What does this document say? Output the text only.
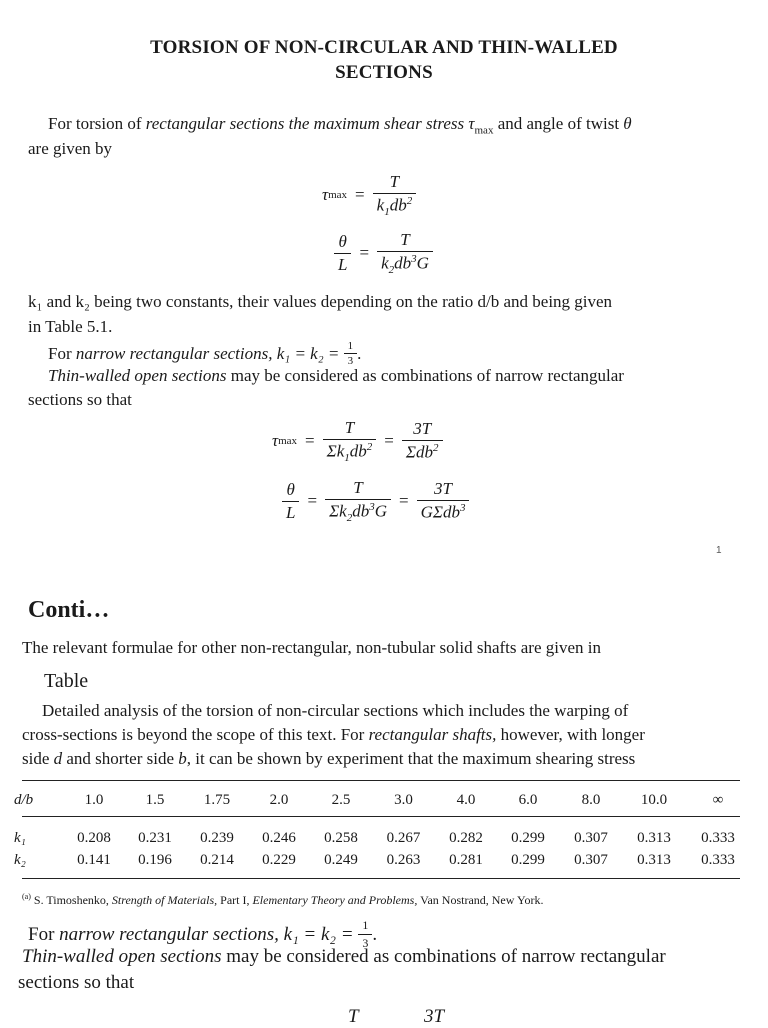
TORSION OF NON-CIRCULAR AND THIN-WALLED
SECTIONS
For torsion of rectangular sections the maximum shear stress $\tau_{max}$ and angle of twist θ
are given by
τ $\max = \frac{T}{k_1db^2}$
$\frac{\theta}{L} = \frac{T}{k_2db^3G}$
k₁ and k₂ being two constants, their values depending on the ratio d/b and being given
in Table 5.1.
For narrow rectangular sections, $k_1 = k_2 = \frac{1}{3}$ .
Thin-walled open sections may be considered as combinations of narrow rectangular
sections so that
τ $\max = \frac{T}{\Sigma k_1db^2} = \frac{3T}{\Sigma db^2}$
$\frac{\theta}{L} = \frac{T}{\Sigma k_2db^3G} = \frac{3T}{G\Sigma db^3}$
1
Conti…
The relevant formulae for other non-rectangular, non-tubular solid shafts are given in
Table
Detailed analysis of the torsion of non-circular sections which includes the warping of
cross-sections is beyond the scope of this text. For rectangular shafts, however, with longer
side d and shorter side b, it can be shown by experiment that the maximum shearing stress
d/b	1.0	1.5	1.75	2.0	2.5	3.0	4.0	6.0	8.0	10.0	∞

k₁	0.208	0.231	0.239	0.246	0.258	0.267	0.282	0.299	0.307	0.313	0.333
k₂	0.141	0.196	0.214	0.229	0.249	0.263	0.281	0.299	0.307	0.313	0.333
$^{(a)}$ S. Timoshenko, Strength of Materials, Part I, Elementary Theory and Problems, Van Nostrand, New York.
For narrow rectangular sections, $k_1 = k_2 = \frac{1}{3}$ .
Thin-walled open sections may be considered as combinations of narrow rectangular
sections so that
T	3T
